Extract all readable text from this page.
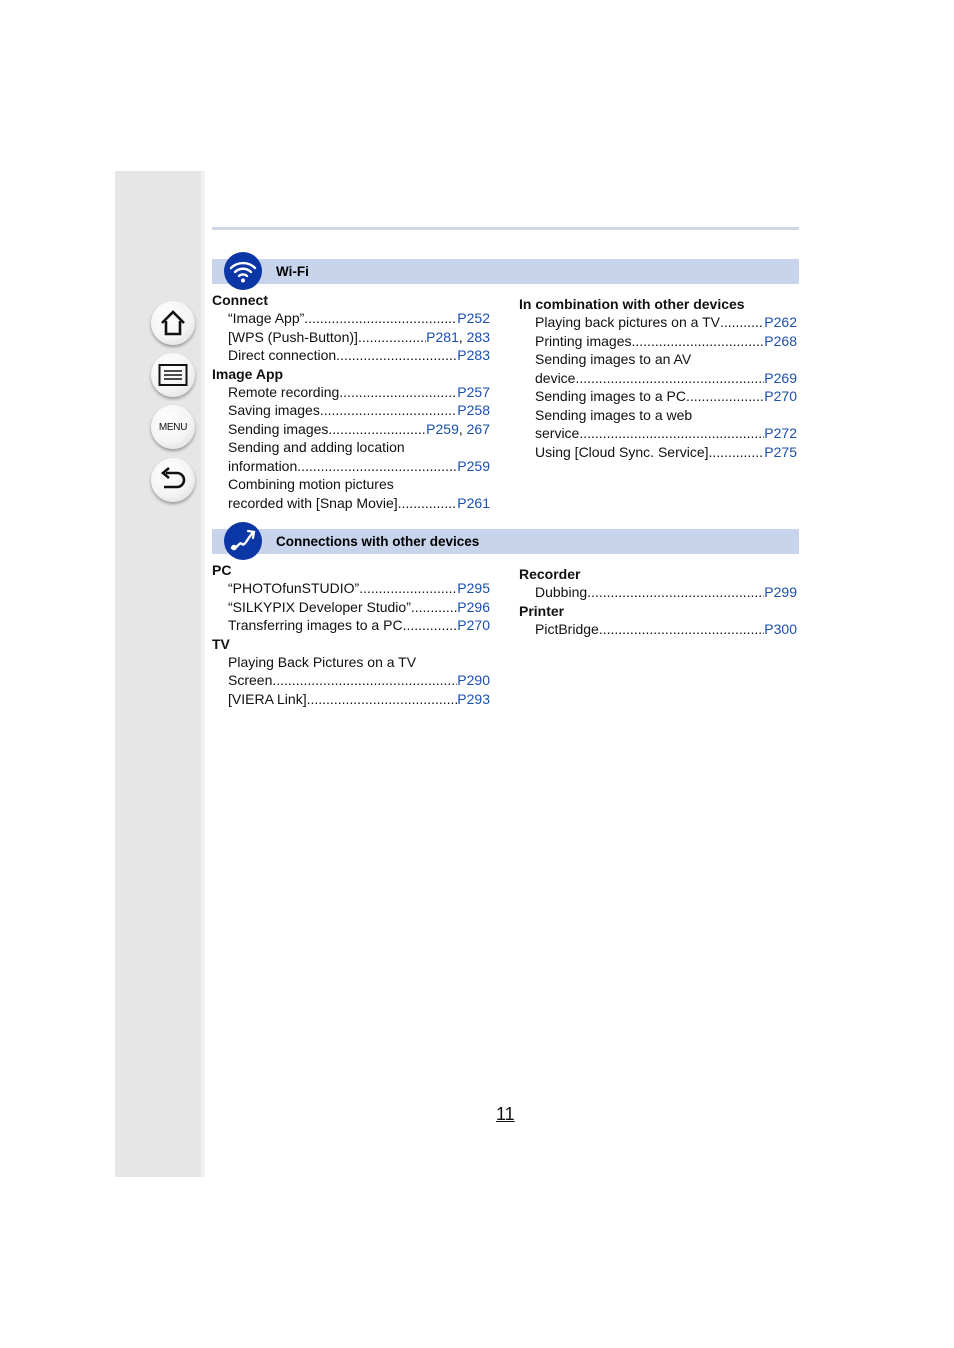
MENU
Wi-Fi
Connect
“Image App” .....	P252
[WPS (Push-Button)] .....	P281, 283
Direct connection .....	P283
Image App
Remote recording .....	P257
Saving images .....	P258
Sending images .....	P259, 267
Sending and adding location
information .....	P259
Combining motion pictures
recorded with [Snap Movie] .....	P261
In combination with other devices
Playing back pictures on a TV .....	P262
Printing images .....	P268
Sending images to an AV
device .....	P269
Sending images to a PC .....	P270
Sending images to a web
service .....	P272
Using [Cloud Sync. Service] .....	P275
Connections with other devices
PC
“PHOTOfunSTUDIO” .....	P295
“SILKYPIX Developer Studio” .....	P296
Transferring images to a PC .....	P270
TV
Playing Back Pictures on a TV
Screen .....	P290
[VIERA Link] .....	P293
Recorder
Dubbing .....	P299
Printer
PictBridge .....	P300
11
